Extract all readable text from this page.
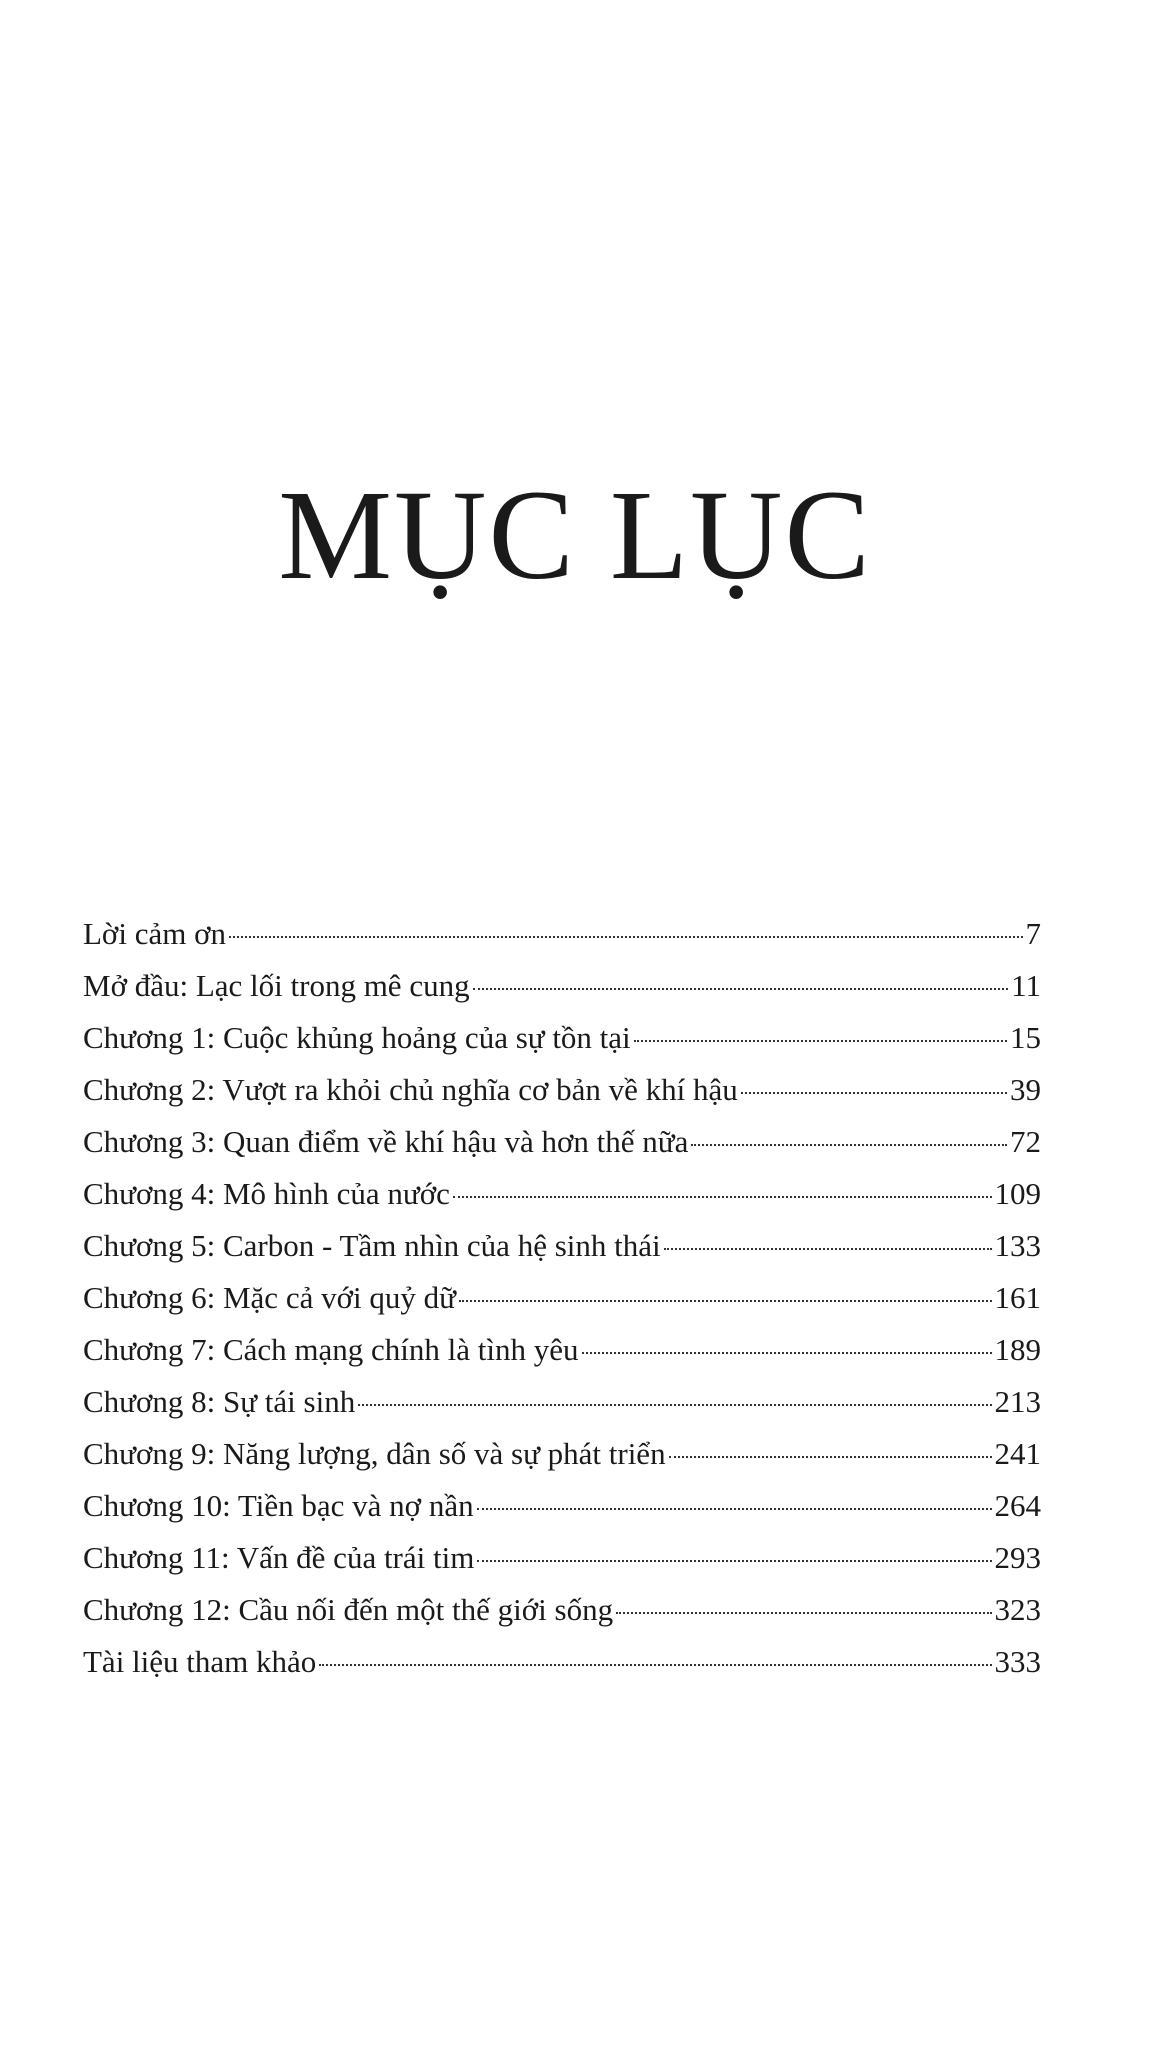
MỤC LỤC
Lời cảm ơn	7
Mở đầu: Lạc lối trong mê cung	11
Chương 1: Cuộc khủng hoảng của sự tồn tại	15
Chương 2: Vượt ra khỏi chủ nghĩa cơ bản về khí hậu	39
Chương 3: Quan điểm về khí hậu và hơn thế nữa	72
Chương 4: Mô hình của nước	109
Chương 5: Carbon - Tầm nhìn của hệ sinh thái	133
Chương 6: Mặc cả với quỷ dữ	161
Chương 7: Cách mạng chính là tình yêu	189
Chương 8: Sự tái sinh	213
Chương 9: Năng lượng, dân số và sự phát triển	241
Chương 10: Tiền bạc và nợ nần	264
Chương 11: Vấn đề của trái tim	293
Chương 12: Cầu nối đến một thế giới sống	323
Tài liệu tham khảo	333
